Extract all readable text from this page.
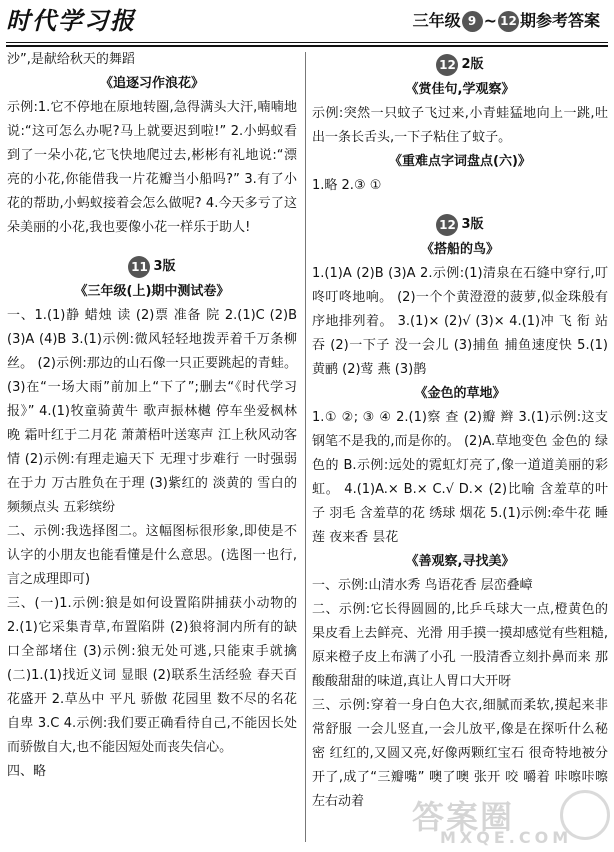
时代学习报	三年级 9 ~ 12 期参考答案

沙”,是献给秋天的舞蹈

《追逐习作浪花》

示例:1.它不停地在原地转圈,急得满头大汗,喃喃地说:“这可怎么办呢?马上就要迟到啦!” 2.小蚂蚁看到了一朵小花,它飞快地爬过去,彬彬有礼地说:“漂亮的小花,你能借我一片花瓣当小船吗?” 3.有了小花的帮助,小蚂蚁接着会怎么做呢? 4.今天多亏了这朵美丽的小花,我也要像小花一样乐于助人!

11 3版

《三年级(上)期中测试卷》

一、1.(1)静 蜡烛 读 (2)票 准备 院 2.(1)C (2)B (3)A (4)B 3.(1)示例:微风轻轻地拨弄着千万条柳丝。 (2)示例:那边的山石像一只正要跳起的青蛙。(3)在“一场大雨”前加上“下了”;删去“《时代学习报》” 4.(1)牧童骑黄牛 歌声振林樾 停车坐爱枫林晚 霜叶红于二月花 萧萧梧叶送寒声 江上秋风动客情 (2)示例:有理走遍天下 无理寸步难行 一时强弱在于力 万古胜负在于理 (3)紫红的 淡黄的 雪白的 频频点头 五彩缤纷

二、示例:我选择图二。这幅图标很形象,即使是不认字的小朋友也能看懂是什么意思。(选图一也行,言之成理即可)

三、(一)1.示例:狼是如何设置陷阱捕获小动物的 2.(1)它采集青草,布置陷阱 (2)狼将洞内所有的缺口全部堵住 (3)示例:狼无处可逃,只能束手就擒 (二)1.(1)找近义词 显眼 (2)联系生活经验 春天百花盛开 2.草丛中 平凡 骄傲 花园里 数不尽的名花 自卑 3.C 4.示例:我们要正确看待自己,不能因长处而骄傲自大,也不能因短处而丧失信心。

四、略

12 2版

《赏佳句,学观察》

示例:突然一只蚊子飞过来,小青蛙猛地向上一跳,吐出一条长舌头,一下子粘住了蚊子。

《重难点字词盘点(六)》

1.略 2.③ ①

12 3版

《搭船的鸟》

1.(1)A (2)B (3)A 2.示例:(1)清泉在石缝中穿行,叮咚叮咚地响。 (2)一个个黄澄澄的菠萝,似金珠般有序地排列着。 3.(1)× (2)√ (3)× 4.(1)冲 飞 衔 站 吞 (2)一下子 没一会儿 (3)捕鱼 捕鱼速度快 5.(1)黄鹂 (2)莺 燕 (3)鹊

《金色的草地》

1.① ②; ③ ④ 2.(1)察 查 (2)瓣 辫 3.(1)示例:这支钢笔不是我的,而是你的。 (2)A.草地变色 金色的 绿色的 B.示例:远处的霓虹灯亮了,像一道道美丽的彩虹。 4.(1)A.× B.× C.√ D.× (2)比喻 含羞草的叶子 羽毛 含羞草的花 绣球 烟花 5.(1)示例:牵牛花 睡莲 夜来香 昙花

《善观察,寻找美》

一、示例:山清水秀 鸟语花香 层峦叠嶂

二、示例:它长得圆圆的,比乒乓球大一点,橙黄色的果皮看上去鲜亮、光滑 用手摸一摸却感觉有些粗糙,原来橙子皮上布满了小孔 一股清香立刻扑鼻而来 那酸酸甜甜的味道,真让人胃口大开呀

三、示例:穿着一身白色大衣,细腻而柔软,摸起来非常舒服 一会儿竖直,一会儿放平,像是在探听什么秘密 红红的,又圆又亮,好像两颗红宝石 很奇特地被分开了,成了“三瓣嘴” 噢了噢 张开 咬 嚼着 咔嚓咔嚓 左右动着	答案圈
MXQE.COM
